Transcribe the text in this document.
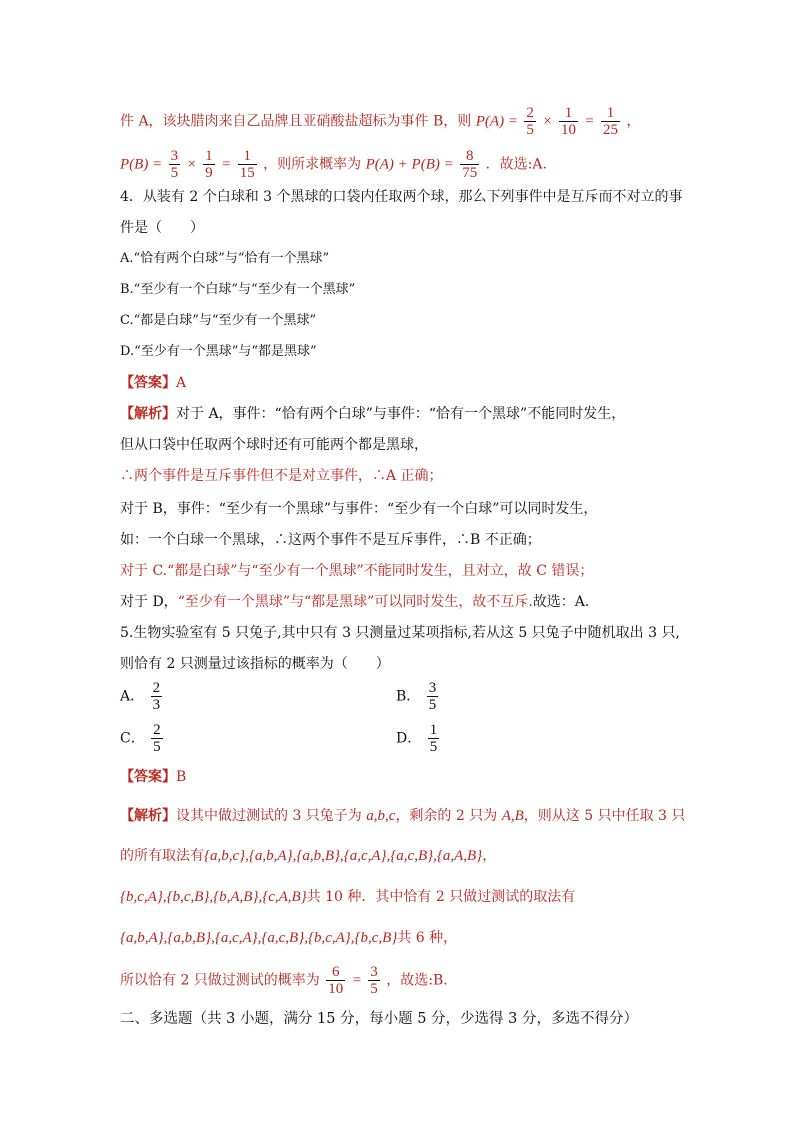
件 A，该块腊肉来自乙品牌且亚硝酸盐超标为事件 B，则 $P(A) = \frac{2}{5} \times \frac{1}{10} = \frac{1}{25}$ ，
$P(B) = \frac{3}{5} \times \frac{1}{9} = \frac{1}{15}$ ，则所求概率为 $P(A) + P(B) = \frac{8}{75}$ ．故选:A.
4．从装有 2 个白球和 3 个黑球的口袋内任取两个球，那么下列事件中是互斥而不对立的事
件是（　　）
A.“恰有两个白球”与“恰有一个黑球”
B.“至少有一个白球”与“至少有一个黑球”
C.“都是白球”与“至少有一个黑球”
D.“至少有一个黑球”与“都是黑球”
【答案】A
【解析】对于 A，事件：“恰有两个白球”与事件：“恰有一个黑球”不能同时发生，
但从口袋中任取两个球时还有可能两个都是黑球，
∴两个事件是互斥事件但不是对立事件，∴A 正确；
对于 B，事件：“至少有一个黑球”与事件：“至少有一个白球”可以同时发生，
如：一个白球一个黑球，∴这两个事件不是互斥事件，∴B 不正确；
对于 C.“都是白球”与“至少有一个黑球”不能同时发生，且对立，故 C 错误；
对于 D，“至少有一个黑球”与“都是黑球”可以同时发生，故不互斥.故选：A.
5.生物实验室有 5 只兔子,其中只有 3 只测量过某项指标,若从这 5 只兔子中随机取出 3 只,
则恰有 2 只测量过该指标的概率为（　　）
A． $\frac{2}{3}$	B． $\frac{3}{5}$
C． $\frac{2}{5}$	D． $\frac{1}{5}$
【答案】B
【解析】设其中做过测试的 3 只兔子为 a,b,c，剩余的 2 只为 A,B，则从这 5 只中任取 3 只
的所有取法有{a,b,c},{a,b,A},{a,b,B},{a,c,A},{a,c,B},{a,A,B}，
{b,c,A},{b,c,B},{b,A,B},{c,A,B}共 10 种．其中恰有 2 只做过测试的取法有
{a,b,A},{a,b,B},{a,c,A},{a,c,B},{b,c,A},{b,c,B}共 6 种，
所以恰有 2 只做过测试的概率为 $\frac{6}{10} = \frac{3}{5}$ ，故选:B.
二、多选题（共 3 小题，满分 15 分，每小题 5 分，少选得 3 分，多选不得分）
